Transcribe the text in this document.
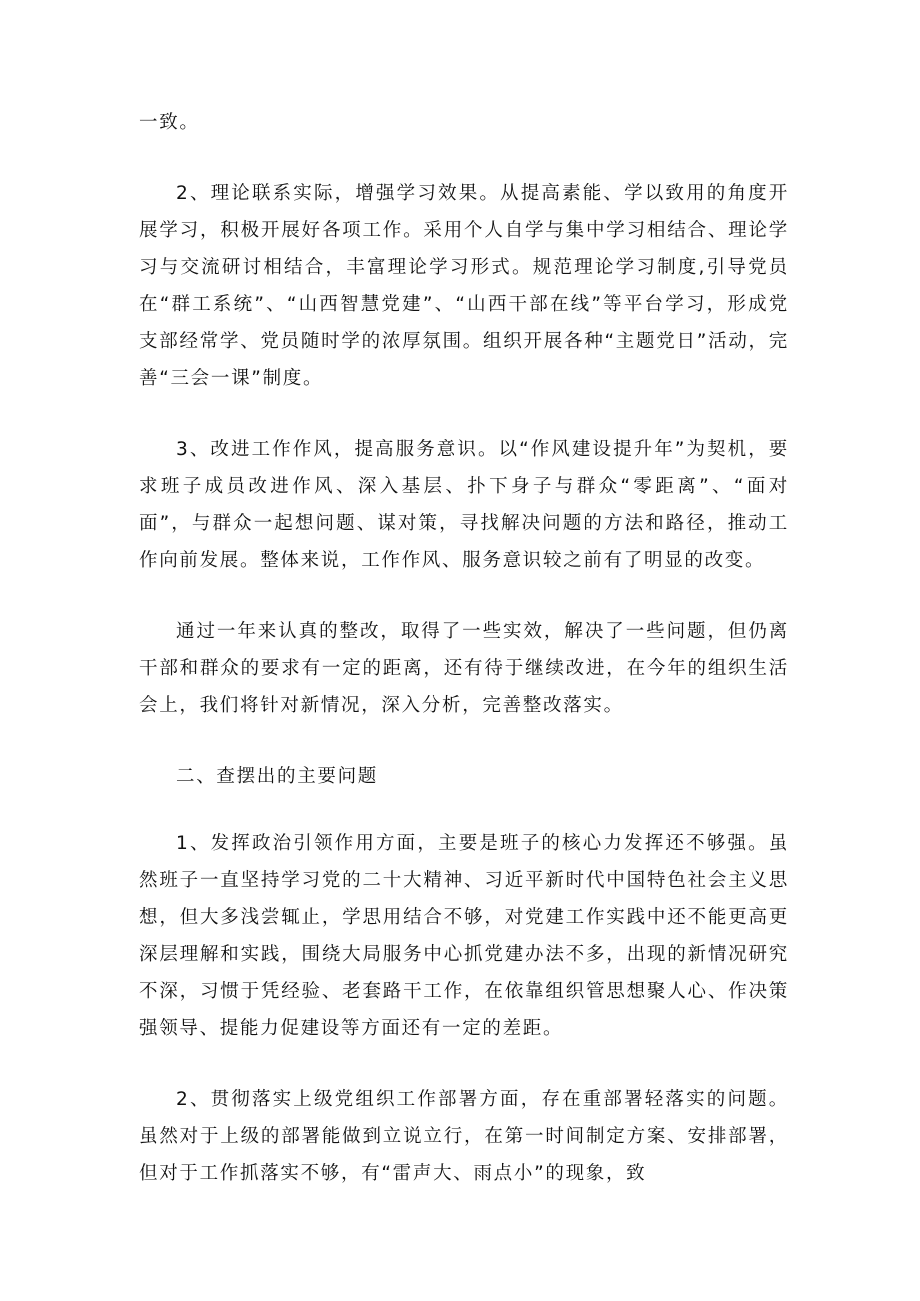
一致。

2、理论联系实际，增强学习效果。从提高素能、学以致用的角度开展学习，积极开展好各项工作。采用个人自学与集中学习相结合、理论学习与交流研讨相结合，丰富理论学习形式。规范理论学习制度,引导党员在“群工系统”、“山西智慧党建”、“山西干部在线”等平台学习，形成党支部经常学、党员随时学的浓厚氛围。组织开展各种“主题党日”活动，完善“三会一课”制度。

3、改进工作作风，提高服务意识。以“作风建设提升年”为契机，要求班子成员改进作风、深入基层、扑下身子与群众“零距离”、“面对面”，与群众一起想问题、谋对策，寻找解决问题的方法和路径，推动工作向前发展。整体来说，工作作风、服务意识较之前有了明显的改变。

通过一年来认真的整改，取得了一些实效，解决了一些问题，但仍离干部和群众的要求有一定的距离，还有待于继续改进，在今年的组织生活会上，我们将针对新情况，深入分析，完善整改落实。

二、查摆出的主要问题

1、发挥政治引领作用方面，主要是班子的核心力发挥还不够强。虽然班子一直坚持学习党的二十大精神、习近平新时代中国特色社会主义思想，但大多浅尝辄止，学思用结合不够，对党建工作实践中还不能更高更深层理解和实践，围绕大局服务中心抓党建办法不多，出现的新情况研究不深，习惯于凭经验、老套路干工作，在依靠组织管思想聚人心、作决策强领导、提能力促建设等方面还有一定的差距。

2、贯彻落实上级党组织工作部署方面，存在重部署轻落实的问题。虽然对于上级的部署能做到立说立行，在第一时间制定方案、安排部署，但对于工作抓落实不够，有“雷声大、雨点小”的现象，致
